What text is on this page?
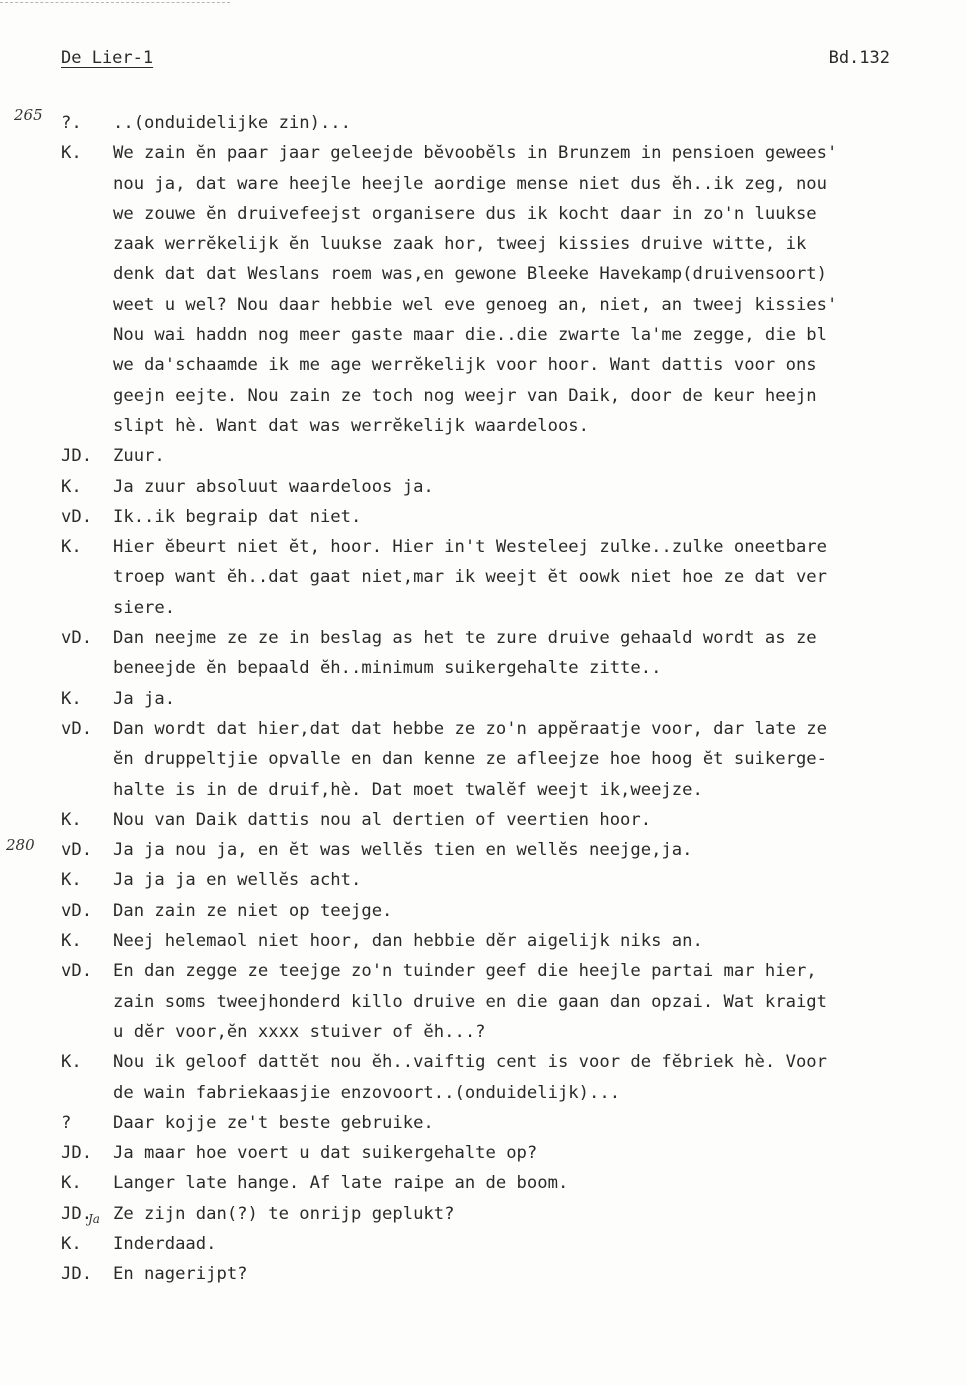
De Lier-1	Bd.132
265
280
Ja
?.	..(onduidelijke zin)...
K.	We zain ĕn paar jaar geleejde bĕvoobĕls in Brunzem in pensioen gewees'
nou ja, dat ware heejle heejle aordige mense niet dus ĕh..ik zeg, nou
we zouwe ĕn druivefeejst organisere dus ik kocht daar in zo'n luukse
zaak werrĕkelijk ĕn luukse zaak hor, tweej kissies druive witte, ik
denk dat dat Weslans roem was,en gewone Bleeke Havekamp(druivensoort)
weet u wel? Nou daar hebbie wel eve genoeg an, niet, an tweej kissies'
Nou wai haddn nog meer gaste maar die..die zwarte la'me zegge, die bl
we da'schaamde ik me age werrĕkelijk voor hoor. Want dattis voor ons
geejn eejte. Nou zain ze toch nog weejr van Daik, door de keur heejn
slipt hè. Want dat was werrĕkelijk waardeloos.
JD.	Zuur.
K.	Ja zuur absoluut waardeloos ja.
vD.	Ik..ik begraip dat niet.
K.	Hier ĕbeurt niet ĕt, hoor. Hier in't Westeleej zulke..zulke oneetbare
troep want ĕh..dat gaat niet,mar ik weejt ĕt oowk niet hoe ze dat ver
siere.
vD.	Dan neejme ze ze in beslag as het te zure druive gehaald wordt as ze
beneejde ĕn bepaald ĕh..minimum suikergehalte zitte..
K.	Ja ja.
vD.	Dan wordt dat hier,dat dat hebbe ze zo'n appĕraatje voor, dar late ze
ĕn druppeltjie opvalle en dan kenne ze afleejze hoe hoog ĕt suikerge-
halte is in de druif,hè. Dat moet twalĕf weejt ik,weejze.
K.	Nou van Daik dattis nou al dertien of veertien hoor.
vD.	Ja ja nou ja, en ĕt was wellĕs tien en wellĕs neejge,ja.
K.	Ja ja ja en wellĕs acht.
vD.	Dan zain ze niet op teejge.
K.	Neej helemaol niet hoor, dan hebbie dĕr aigelijk niks an.
vD.	En dan zegge ze teejge zo'n tuinder geef die heejle partai mar hier,
zain soms tweejhonderd killo druive en die gaan dan opzai. Wat kraigt
u dĕr voor,ĕn xxxx stuiver of ĕh...?
K.	Nou ik geloof dattĕt nou ĕh..vaiftig cent is voor de fĕbriek hè. Voor
de wain fabriekaasjie enzovoort..(onduidelijk)...
?	Daar kojje ze't beste gebruike.
JD.	Ja maar hoe voert u dat suikergehalte op?
K.	Langer late hange. Af late raipe an de boom.
JD.	Ze zijn dan(?) te onrijp geplukt?
K.	Inderdaad.
JD.	En nagerijpt?
